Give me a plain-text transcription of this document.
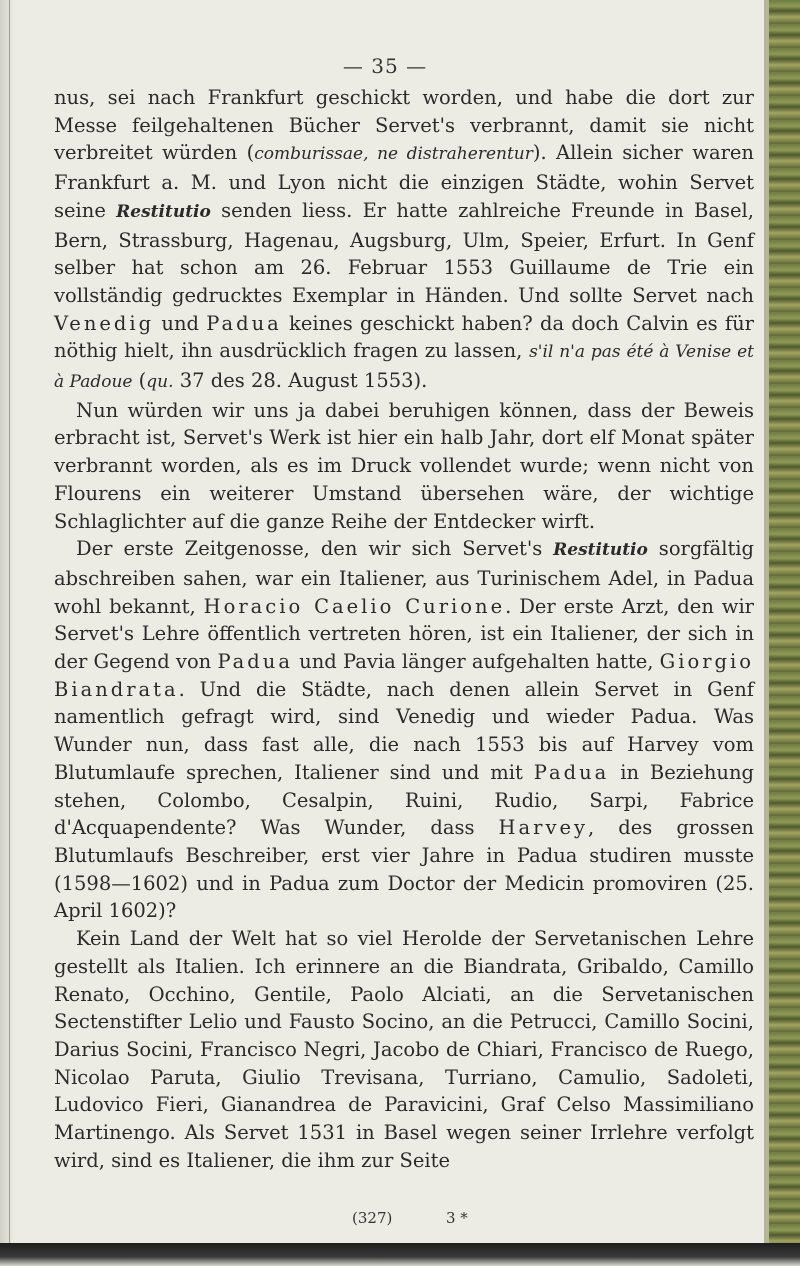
— 35 —

nus, sei nach Frankfurt geschickt worden, und habe die dort zur Messe feilgehaltenen Bücher Servet's verbrannt, damit sie nicht verbreitet würden (comburissae, ne distraherentur). Allein sicher waren Frankfurt a. M. und Lyon nicht die einzigen Städte, wohin Servet seine Restitutio senden liess. Er hatte zahlreiche Freunde in Basel, Bern, Strassburg, Hagenau, Augsburg, Ulm, Speier, Erfurt. In Genf selber hat schon am 26. Februar 1553 Guillaume de Trie ein vollständig gedrucktes Exemplar in Händen. Und sollte Servet nach Venedig und Padua keines geschickt haben? da doch Calvin es für nöthig hielt, ihn ausdrücklich fragen zu lassen, s'il n'a pas été à Venise et à Padoue (qu. 37 des 28. August 1553).

Nun würden wir uns ja dabei beruhigen können, dass der Beweis erbracht ist, Servet's Werk ist hier ein halb Jahr, dort elf Monat später verbrannt worden, als es im Druck vollendet wurde; wenn nicht von Flourens ein weiterer Umstand übersehen wäre, der wichtige Schlaglichter auf die ganze Reihe der Entdecker wirft.

Der erste Zeitgenosse, den wir sich Servet's Restitutio sorgfältig abschreiben sahen, war ein Italiener, aus Turinischem Adel, in Padua wohl bekannt, Horacio Caelio Curione. Der erste Arzt, den wir Servet's Lehre öffentlich vertreten hören, ist ein Italiener, der sich in der Gegend von Padua und Pavia länger aufgehalten hatte, Giorgio Biandrata. Und die Städte, nach denen allein Servet in Genf namentlich gefragt wird, sind Venedig und wieder Padua. Was Wunder nun, dass fast alle, die nach 1553 bis auf Harvey vom Blutumlaufe sprechen, Italiener sind und mit Padua in Beziehung stehen, Colombo, Cesalpin, Ruini, Rudio, Sarpi, Fabrice d'Acquapendente? Was Wunder, dass Harvey, des grossen Blutumlaufs Beschreiber, erst vier Jahre in Padua studiren musste (1598—1602) und in Padua zum Doctor der Medicin promoviren (25. April 1602)?

Kein Land der Welt hat so viel Herolde der Servetanischen Lehre gestellt als Italien. Ich erinnere an die Biandrata, Gribaldo, Camillo Renato, Occhino, Gentile, Paolo Alciati, an die Servetanischen Sectenstifter Lelio und Fausto Socino, an die Petrucci, Camillo Socini, Darius Socini, Francisco Negri, Jacobo de Chiari, Francisco de Ruego, Nicolao Paruta, Giulio Trevisana, Turriano, Camulio, Sadoleti, Ludovico Fieri, Gianandrea de Paravicini, Graf Celso Massimiliano Martinengo. Als Servet 1531 in Basel wegen seiner Irrlehre verfolgt wird, sind es Italiener, die ihm zur Seite

(327)	3 *
